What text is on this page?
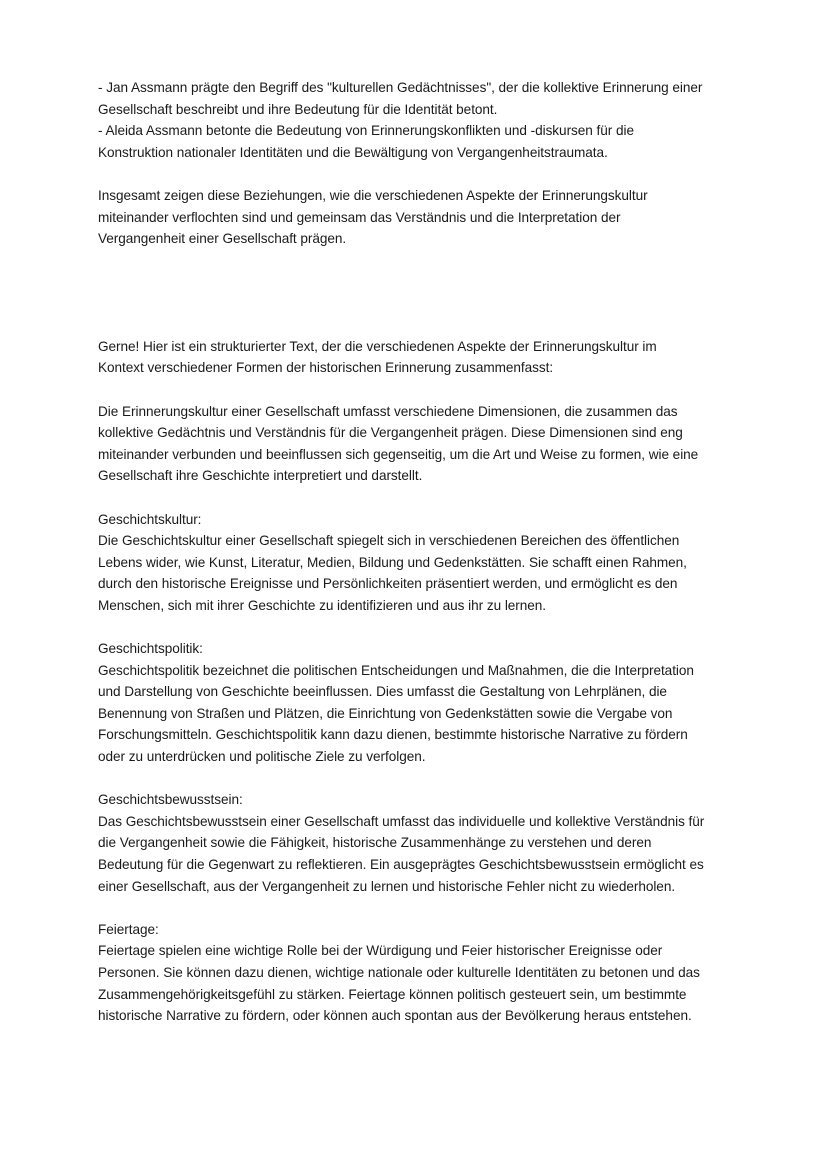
- Jan Assmann prägte den Begriff des "kulturellen Gedächtnisses", der die kollektive Erinnerung einer
Gesellschaft beschreibt und ihre Bedeutung für die Identität betont.
- Aleida Assmann betonte die Bedeutung von Erinnerungskonflikten und -diskursen für die
Konstruktion nationaler Identitäten und die Bewältigung von Vergangenheitstraumata.
Insgesamt zeigen diese Beziehungen, wie die verschiedenen Aspekte der Erinnerungskultur
miteinander verflochten sind und gemeinsam das Verständnis und die Interpretation der
Vergangenheit einer Gesellschaft prägen.
Gerne! Hier ist ein strukturierter Text, der die verschiedenen Aspekte der Erinnerungskultur im
Kontext verschiedener Formen der historischen Erinnerung zusammenfasst:
Die Erinnerungskultur einer Gesellschaft umfasst verschiedene Dimensionen, die zusammen das
kollektive Gedächtnis und Verständnis für die Vergangenheit prägen. Diese Dimensionen sind eng
miteinander verbunden und beeinflussen sich gegenseitig, um die Art und Weise zu formen, wie eine
Gesellschaft ihre Geschichte interpretiert und darstellt.
Geschichtskultur:
Die Geschichtskultur einer Gesellschaft spiegelt sich in verschiedenen Bereichen des öffentlichen
Lebens wider, wie Kunst, Literatur, Medien, Bildung und Gedenkstätten. Sie schafft einen Rahmen,
durch den historische Ereignisse und Persönlichkeiten präsentiert werden, und ermöglicht es den
Menschen, sich mit ihrer Geschichte zu identifizieren und aus ihr zu lernen.
Geschichtspolitik:
Geschichtspolitik bezeichnet die politischen Entscheidungen und Maßnahmen, die die Interpretation
und Darstellung von Geschichte beeinflussen. Dies umfasst die Gestaltung von Lehrplänen, die
Benennung von Straßen und Plätzen, die Einrichtung von Gedenkstätten sowie die Vergabe von
Forschungsmitteln. Geschichtspolitik kann dazu dienen, bestimmte historische Narrative zu fördern
oder zu unterdrücken und politische Ziele zu verfolgen.
Geschichtsbewusstsein:
Das Geschichtsbewusstsein einer Gesellschaft umfasst das individuelle und kollektive Verständnis für
die Vergangenheit sowie die Fähigkeit, historische Zusammenhänge zu verstehen und deren
Bedeutung für die Gegenwart zu reflektieren. Ein ausgeprägtes Geschichtsbewusstsein ermöglicht es
einer Gesellschaft, aus der Vergangenheit zu lernen und historische Fehler nicht zu wiederholen.
Feiertage:
Feiertage spielen eine wichtige Rolle bei der Würdigung und Feier historischer Ereignisse oder
Personen. Sie können dazu dienen, wichtige nationale oder kulturelle Identitäten zu betonen und das
Zusammengehörigkeitsgefühl zu stärken. Feiertage können politisch gesteuert sein, um bestimmte
historische Narrative zu fördern, oder können auch spontan aus der Bevölkerung heraus entstehen.
